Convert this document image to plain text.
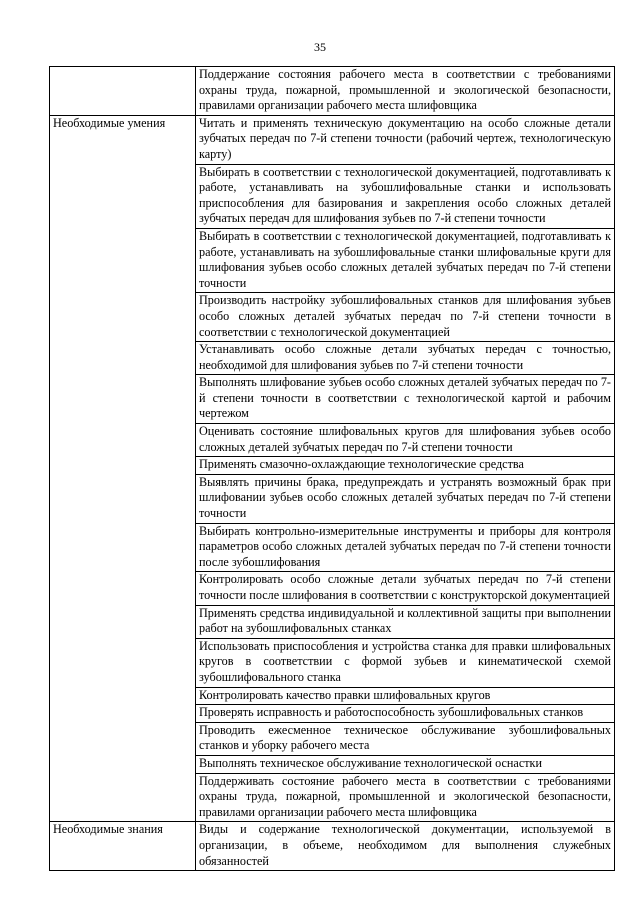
35
	Поддержание состояния рабочего места в соответствии с требованиями охраны труда, пожарной, промышленной и экологической безопасности, правилами организации рабочего места шлифовщика
Необходимые умения	Читать и применять техническую документацию на особо сложные детали зубчатых передач по 7-й степени точности (рабочий чертеж, технологическую карту)
	Выбирать в соответствии с технологической документацией, подготавливать к работе, устанавливать на зубошлифовальные станки и использовать приспособления для базирования и закрепления особо сложных деталей зубчатых передач для шлифования зубьев по 7-й степени точности
	Выбирать в соответствии с технологической документацией, подготавливать к работе, устанавливать на зубошлифовальные станки шлифовальные круги для шлифования зубьев особо сложных деталей зубчатых передач по 7-й степени точности
	Производить настройку зубошлифовальных станков для шлифования зубьев особо сложных деталей зубчатых передач по 7-й степени точности в соответствии с технологической документацией
	Устанавливать особо сложные детали зубчатых передач с точностью, необходимой для шлифования зубьев по 7-й степени точности
	Выполнять шлифование зубьев особо сложных деталей зубчатых передач по 7-й степени точности в соответствии с технологической картой и рабочим чертежом
	Оценивать состояние шлифовальных кругов для шлифования зубьев особо сложных деталей зубчатых передач по 7-й степени точности
	Применять смазочно-охлаждающие технологические средства
	Выявлять причины брака, предупреждать и устранять возможный брак при шлифовании зубьев особо сложных деталей зубчатых передач по 7-й степени точности
	Выбирать контрольно-измерительные инструменты и приборы для контроля параметров особо сложных деталей зубчатых передач по 7-й степени точности после зубошлифования
	Контролировать особо сложные детали зубчатых передач по 7-й степени точности после шлифования в соответствии с конструкторской документацией
	Применять средства индивидуальной и коллективной защиты при выполнении работ на зубошлифовальных станках
	Использовать приспособления и устройства станка для правки шлифовальных кругов в соответствии с формой зубьев и кинематической схемой зубошлифовального станка
	Контролировать качество правки шлифовальных кругов
	Проверять исправность и работоспособность зубошлифовальных станков
	Проводить ежесменное техническое обслуживание зубошлифовальных станков и уборку рабочего места
	Выполнять техническое обслуживание технологической оснастки
	Поддерживать состояние рабочего места в соответствии с требованиями охраны труда, пожарной, промышленной и экологической безопасности, правилами организации рабочего места шлифовщика
Необходимые знания	Виды и содержание технологической документации, используемой в организации, в объеме, необходимом для выполнения служебных обязанностей
